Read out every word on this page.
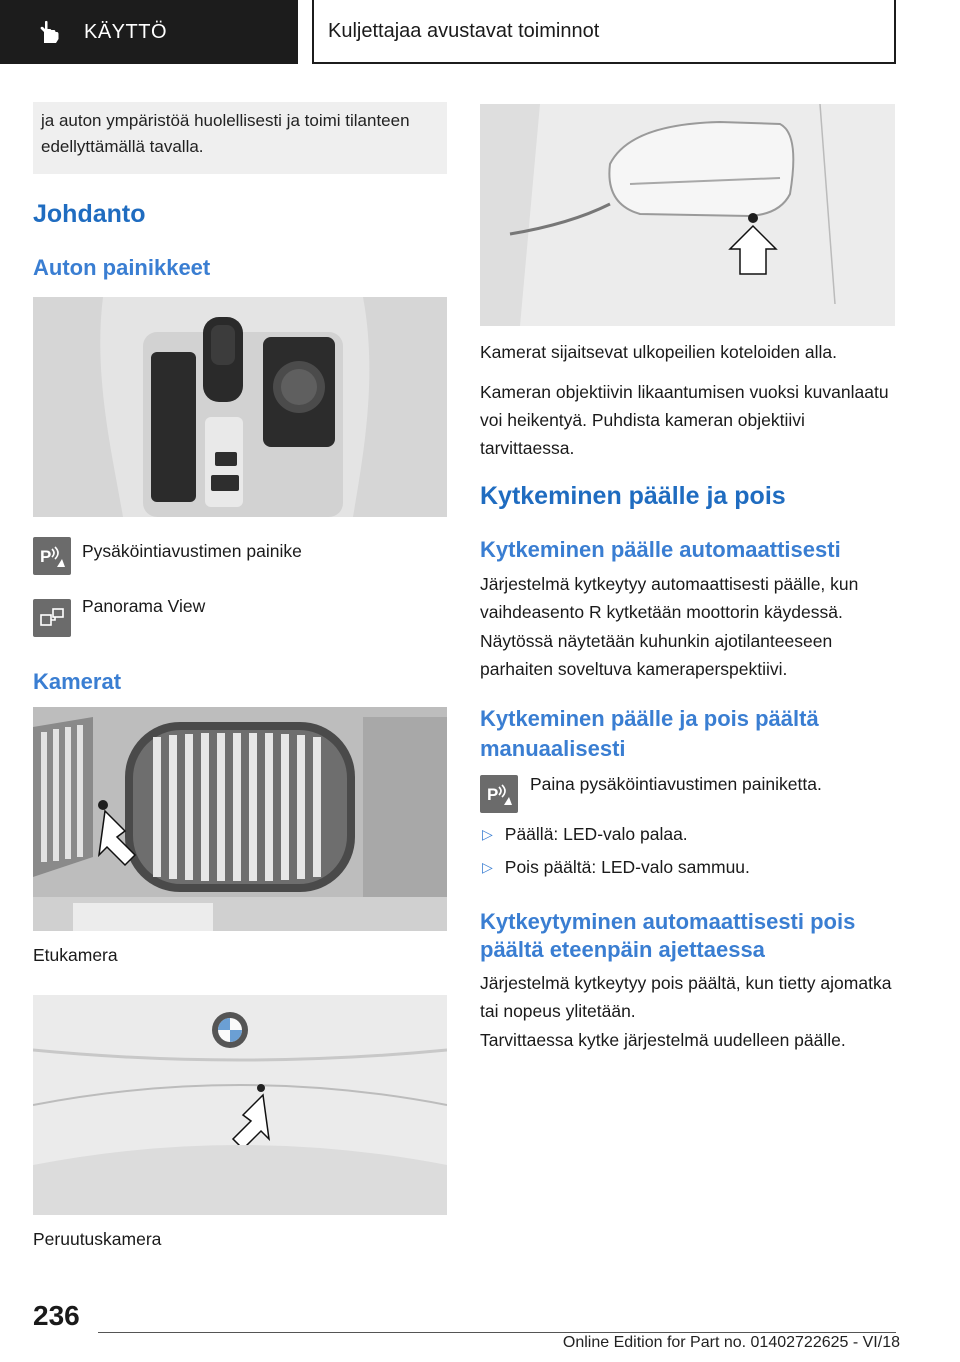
KÄYTTÖ	Kuljettajaa avustavat toiminnot
ja auton ympäristöä huolellisesti ja toimi tilanteen edellyttämällä tavalla.
Johdanto
Auton painikkeet
P Pysäköintiavustimen painike
Panorama View
Kamerat
Etukamera
Peruutuskamera
Kamerat sijaitsevat ulkopeilien koteloiden alla.
Kameran objektiivin likaantumisen vuoksi kuvanlaatu voi heikentyä. Puhdista kameran objektiivi tarvittaessa.
Kytkeminen päälle ja pois
Kytkeminen päälle automaattisesti
Järjestelmä kytkeytyy automaattisesti päälle, kun vaihdeasento R kytketään moottorin käydessä.
Näytössä näytetään kuhunkin ajotilanteeseen parhaiten soveltuva kameraperspektiivi.
Kytkeminen päälle ja pois päältä manuaalisesti
P
Paina pysäköintiavustimen painiketta.
▷ Päällä: LED-valo palaa.
▷ Pois päältä: LED-valo sammuu.
Kytkeytyminen automaattisesti pois päältä eteenpäin ajettaessa
Järjestelmä kytkeytyy pois päältä, kun tietty ajomatka tai nopeus ylitetään.
Tarvittaessa kytke järjestelmä uudelleen päälle.
236
Online Edition for Part no. 01402722625 - VI/18
